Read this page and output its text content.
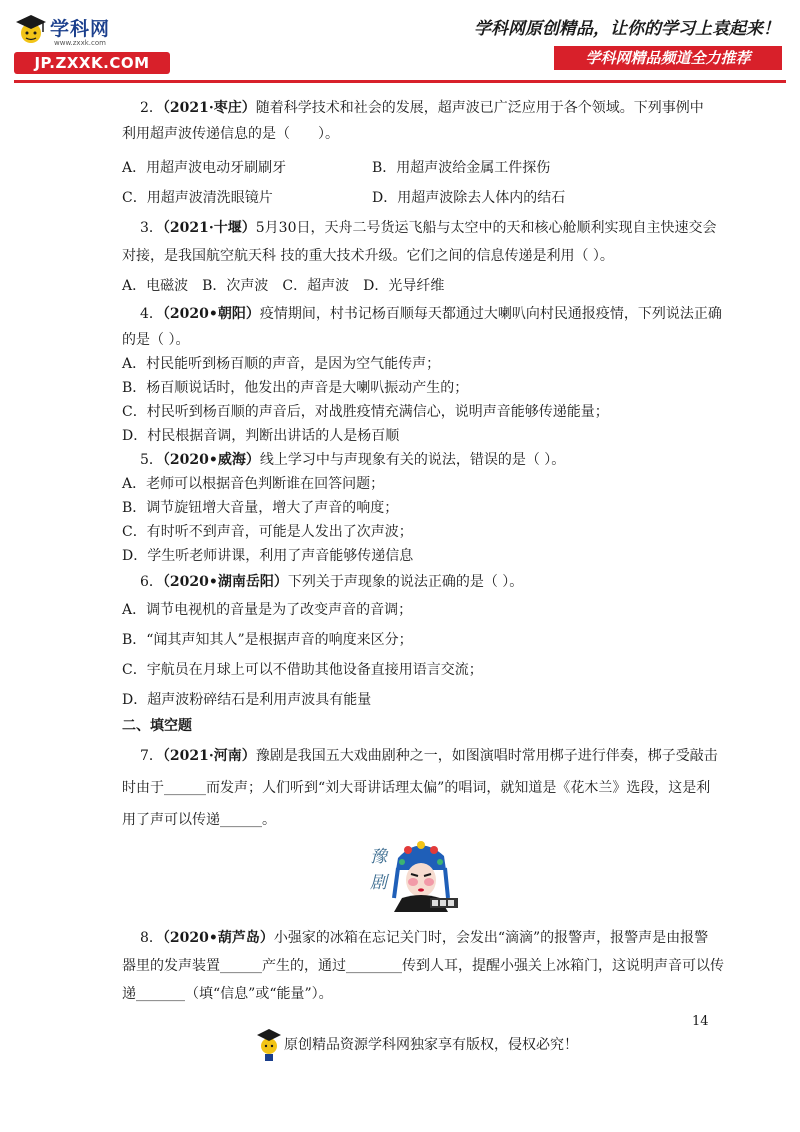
学科网
www.zxxk.com
JP.ZXXK.COM
学科网原创精品，让你的学习上袁起来！
学科网精品频道全力推荐
2．（2021·枣庄）随着科学技术和社会的发展，超声波已广泛应用于各个领域。下列事例中
利用超声波传递信息的是（　　）。
A．用超声波电动牙刷刷牙	B．用超声波给金属工件探伤
C．用超声波清洗眼镜片	D．用超声波除去人体内的结石
3．（2021·十堰）5月30日，天舟二号货运飞船与太空中的天和核心舱顺利实现自主快速交会
对接，是我国航空航天科 技的重大技术升级。它们之间的信息传递是利用（ ）。
A．电磁波　B．次声波　C．超声波　D．光导纤维
4．（2020•朝阳）疫情期间，村书记杨百顺每天都通过大喇叭向村民通报疫情，下列说法正确
的是（ ）。
A．村民能听到杨百顺的声音，是因为空气能传声；
B．杨百顺说话时，他发出的声音是大喇叭振动产生的；
C．村民听到杨百顺的声音后，对战胜疫情充满信心，说明声音能够传递能量；
D．村民根据音调，判断出讲话的人是杨百顺
5．（2020•威海）线上学习中与声现象有关的说法，错误的是（ ）。
A．老师可以根据音色判断谁在回答问题；
B．调节旋钮增大音量，增大了声音的响度；
C．有时听不到声音，可能是人发出了次声波；
D．学生听老师讲课，利用了声音能够传递信息
6．（2020•湖南岳阳）下列关于声现象的说法正确的是（ ）。
A．调节电视机的音量是为了改变声音的音调；
B．“闻其声知其人”是根据声音的响度来区分；
C．宇航员在月球上可以不借助其他设备直接用语言交流；
D．超声波粉碎结石是利用声波具有能量
二、填空题
7．（2021·河南）豫剧是我国五大戏曲剧种之一，如图演唱时常用梆子进行伴奏，梆子受敲击
时由于______而发声；人们听到“刘大哥讲话理太偏”的唱词，就知道是《花木兰》选段，这是利
用了声可以传递______。
豫剧
8．（2020•葫芦岛）小强家的冰箱在忘记关门时，会发出“滴滴”的报警声，报警声是由报警
器里的发声装置______产生的，通过________传到人耳，提醒小强关上冰箱门，这说明声音可以传
递_______（填“信息”或“能量”）。
14
原创精品资源学科网独家享有版权，侵权必究！
